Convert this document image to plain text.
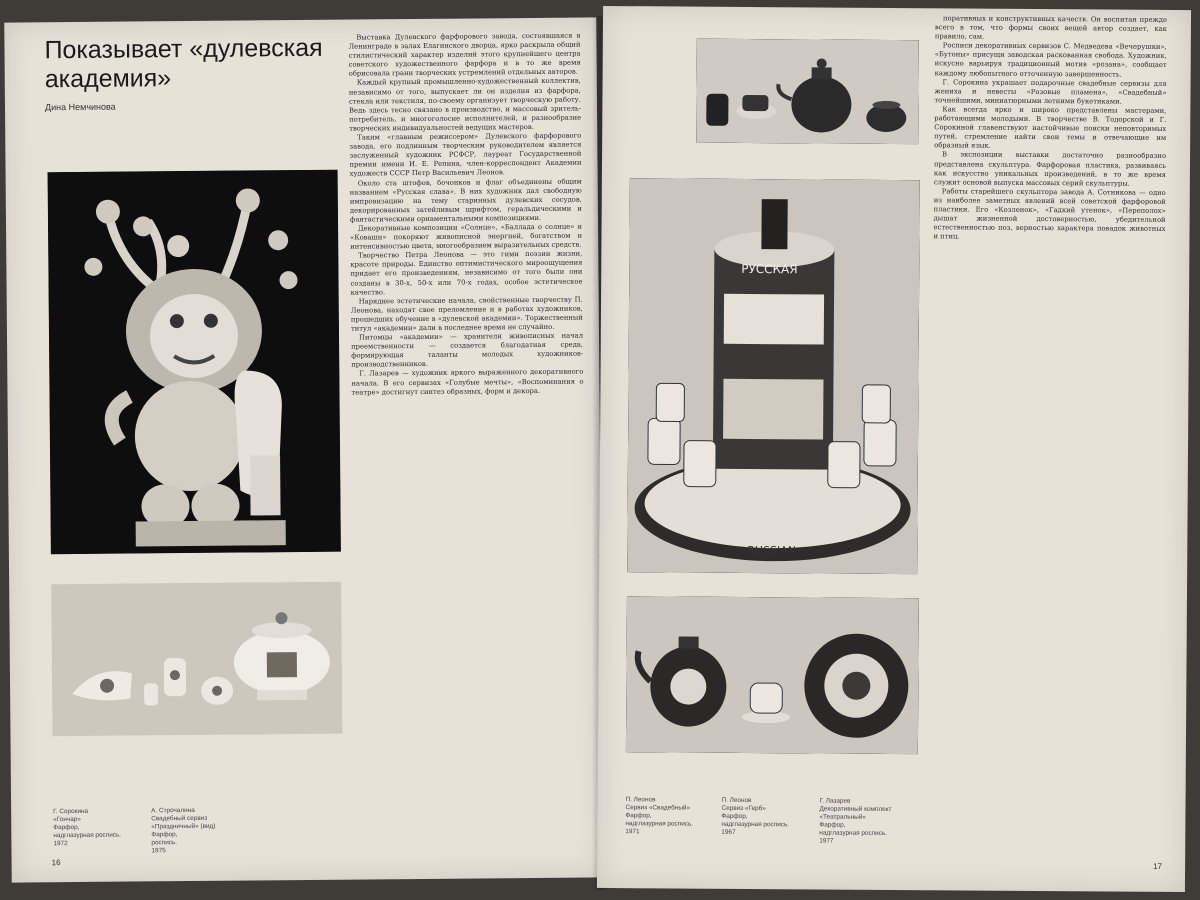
Показывает «дулевская академия»
Дина Немчинова

Выставка Дулевского фарфорового завода, состоявшаяся в Ленинграде в залах Елагинского дворца, ярко раскрыла общий стилистический характер изделий этого крупнейшего центра советского художественного фарфора и в то же время обрисовала грани творческих устремлений отдельных авторов.

Каждый крупный промышленно-художественный коллектив, независимо от того, выпускает ли он изделия из фарфора, стекла или текстиля, по-своему организует творческую работу. Ведь здесь тесно связано в производство, и массовый зритель-потребитель, и многоголосие исполнителей, и разнообразие творческих индивидуальностей ведущих мастеров.

Таким «главным режиссером» Дулевского фарфорового завода, его подлинным творческим руководителем является заслуженный художник РСФСР, лауреат Государственной премии имени И. Е. Репина, член-корреспондент Академии художеств СССР Петр Васильевич Леонов.

Около ста штофов, бочонков и флаг объединены общим названием «Русская слава». В них художник дал свободную импровизацию на тему старинных дулевских сосудов, декорированных затейливым шрифтом, геральдическими и фантастическими орнаментальными композициями.

Декоративные композиции «Солнце», «Баллада о солнце» и «Коваши» покоряют живописной энергией, богатством и интенсивностью цвета, многообразием выразительных средств.

Творчество Петра Леонова — это гимн поэзии жизни, красоте природы. Единство оптимистического мироощущения придает его произведениям, независимо от того были они созданы в 30-х, 50-х или 70-х годах, особое эстетическое качество.

Наряднее эстетические начала, свойственные творчеству П. Леонова, находят свое преломление и в работах художников, прошедших обучение в «дулевской академии». Торжественный титул «академии» дали в последнее время не случайно.

Питомцы «академии» — хранители живописных начал преемственности — создается благодатная среда, формирующая таланты молодых художников-производственников.

Г. Лазарев — художник яркого выраженного декоративного начала. В его сервизах «Голубые мечты», «Воспоминания о театре» достигнут синтез образных, форм и декора.

Г. Сорокина
«Гончар»
Фарфор,
надглазурная роспись.
1972
А. Строчалина
Свадебный сервиз «Праздничный» (вид)
Фарфор,
роспись.
1975
16
РУССКАЯ
RUSSIAN

поративных и конструктивных качеств. Он воспитан прежде всего в том, что формы своих вещей автор создает, как правило, сам.

Росписи декоративных сервизов С. Медведева «Вечерушки», «Бутоны» присущи заводская раскованная свобода. Художник, искусно варьируя традиционный мотив «розана», сообщает каждому любопытного отточенную завершенность.

Г. Сорокина украшает подарочные свадебные сервизы для жениха и невесты «Розовые пламена», «Свадебный» точнейшими, миниатюрными летними букетиками.

Как всегда ярко и широко представлены мастерами, работающими молодыми. В творчестве В. Тодорской и Г. Сорокиной главенствуют настойчивые поиски неповторимых путей, стремление найти свои темы и отвечающие им образный язык.

В экспозиции выставки достаточно разнообразно представлена скульптура. Фарфоровая пластика, развиваясь как искусство уникальных произведений, в то же время служит основой выпуска массовых серий скульптуры.

Работы старейшего скульптора завода А. Сотникова — одно из наиболее заметных явлений всей советской фарфоровой пластики. Его «Козленок», «Гадкий утенок», «Переполох» дышат жизненной достоверностью, убедительной естественностью поз, верностью характера повадок животных и птиц.

П. Леонов
Сервиз «Свадебный»
Фарфор,
надглазурная роспись.
1971
П. Леонов
Сервиз «Герб»
Фарфор,
надглазурная роспись.
1967
Г. Лазарев
Декоративный комплект «Театральный»
Фарфор,
надглазурная роспись.
1977
17
